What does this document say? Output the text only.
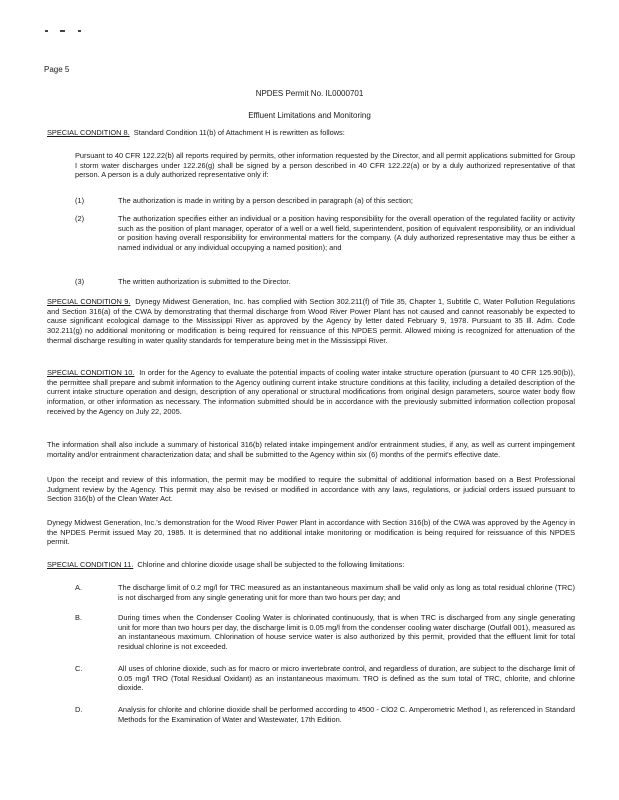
Page 5
NPDES Permit No. IL0000701
Effluent Limitations and Monitoring

SPECIAL CONDITION 8. Standard Condition 11(b) of Attachment H is rewritten as follows:

Pursuant to 40 CFR 122.22(b) all reports required by permits, other information requested by the Director, and all permit applications submitted for Group I storm water discharges under 122.26(g) shall be signed by a person described in 40 CFR 122.22(a) or by a duly authorized representative of that person. A person is a duly authorized representative only if:

(1)	The authorization is made in writing by a person described in paragraph (a) of this section;

(2)	The authorization specifies either an individual or a position having responsibility for the overall operation of the regulated facility or activity such as the position of plant manager, operator of a well or a well field, superintendent, position of equivalent responsibility, or an individual or position having overall responsibility for environmental matters for the company. (A duly authorized representative may thus be either a named individual or any individual occupying a named position); and

(3)	The written authorization is submitted to the Director.

SPECIAL CONDITION 9. Dynegy Midwest Generation, Inc. has complied with Section 302.211(f) of Title 35, Chapter 1, Subtitle C, Water Pollution Regulations and Section 316(a) of the CWA by demonstrating that thermal discharge from Wood River Power Plant has not caused and cannot reasonably be expected to cause significant ecological damage to the Mississippi River as approved by the Agency by letter dated February 9, 1978. Pursuant to 35 Ill. Adm. Code 302.211(g) no additional monitoring or modification is being required for reissuance of this NPDES permit. Allowed mixing is recognized for attenuation of the thermal discharge resulting in water quality standards for temperature being met in the Mississippi River.

SPECIAL CONDITION 10. In order for the Agency to evaluate the potential impacts of cooling water intake structure operation (pursuant to 40 CFR 125.90(b)), the permittee shall prepare and submit information to the Agency outlining current intake structure conditions at this facility, including a detailed description of the current intake structure operation and design, description of any operational or structural modifications from original design parameters, source water body flow information, or other information as necessary. The information submitted should be in accordance with the previously submitted information collection proposal received by the Agency on July 22, 2005.

The information shall also include a summary of historical 316(b) related intake impingement and/or entrainment studies, if any, as well as current impingement mortality and/or entrainment characterization data; and shall be submitted to the Agency within six (6) months of the permit's effective date.

Upon the receipt and review of this information, the permit may be modified to require the submittal of additional information based on a Best Professional Judgment review by the Agency. This permit may also be revised or modified in accordance with any laws, regulations, or judicial orders issued pursuant to Section 316(b) of the Clean Water Act.

Dynegy Midwest Generation, Inc.'s demonstration for the Wood River Power Plant in accordance with Section 316(b) of the CWA was approved by the Agency in the NPDES Permit issued May 20, 1985. It is determined that no additional intake monitoring or modification is being required for reissuance of this NPDES permit.

SPECIAL CONDITION 11. Chlorine and chlorine dioxide usage shall be subjected to the following limitations:

A.	The discharge limit of 0.2 mg/l for TRC measured as an instantaneous maximum shall be valid only as long as total residual chlorine (TRC) is not discharged from any single generating unit for more than two hours per day; and

B.	During times when the Condenser Cooling Water is chlorinated continuously, that is when TRC is discharged from any single generating unit for more than two hours per day, the discharge limit is 0.05 mg/l from the condenser cooling water discharge (Outfall 001), measured as an instantaneous maximum. Chlorination of house service water is also authorized by this permit, provided that the effluent limit for total residual chlorine is not exceeded.

C.	All uses of chlorine dioxide, such as for macro or micro invertebrate control, and regardless of duration, are subject to the discharge limit of 0.05 mg/l TRO (Total Residual Oxidant) as an instantaneous maximum. TRO is defined as the sum total of TRC, chlorite, and chlorine dioxide.

D.	Analysis for chlorite and chlorine dioxide shall be performed according to 4500 - ClO2 C. Amperometric Method I, as referenced in Standard Methods for the Examination of Water and Wastewater, 17th Edition.
